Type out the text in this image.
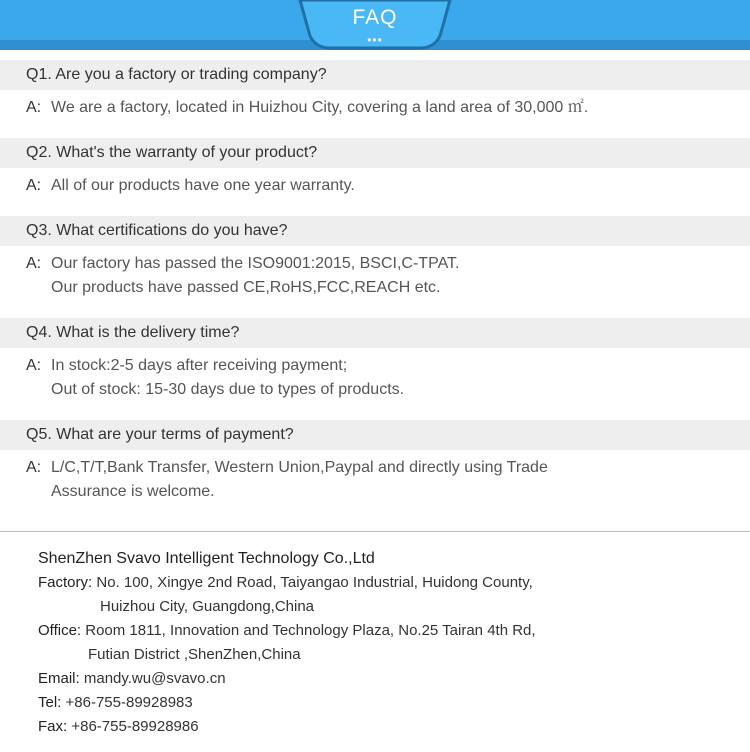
FAQ
•••
Q1. Are you a factory or trading company?
A: We are a factory, located in Huizhou City, covering a land area of 30,000 ㎡.
Q2. What's the warranty of your product?
A: All of our products have one year warranty.
Q3. What certifications do you have?
A: Our factory has passed the ISO9001:2015, BSCI,C-TPAT.
Our products have passed CE,RoHS,FCC,REACH etc.
Q4. What is the delivery time?
A: In stock:2-5 days after receiving payment;
Out of stock: 15-30 days due to types of products.
Q5. What are your terms of payment?
A: L/C,T/T,Bank Transfer, Western Union,Paypal and directly using Trade
Assurance is welcome.
ShenZhen Svavo Intelligent Technology Co.,Ltd
Factory: No. 100, Xingye 2nd Road, Taiyangao Industrial, Huidong County,
Huizhou City, Guangdong,China
Office: Room 1811, Innovation and Technology Plaza, No.25 Tairan 4th Rd,
Futian District ,ShenZhen,China
Email: mandy.wu@svavo.cn
Tel: +86-755-89928983
Fax: +86-755-89928986
